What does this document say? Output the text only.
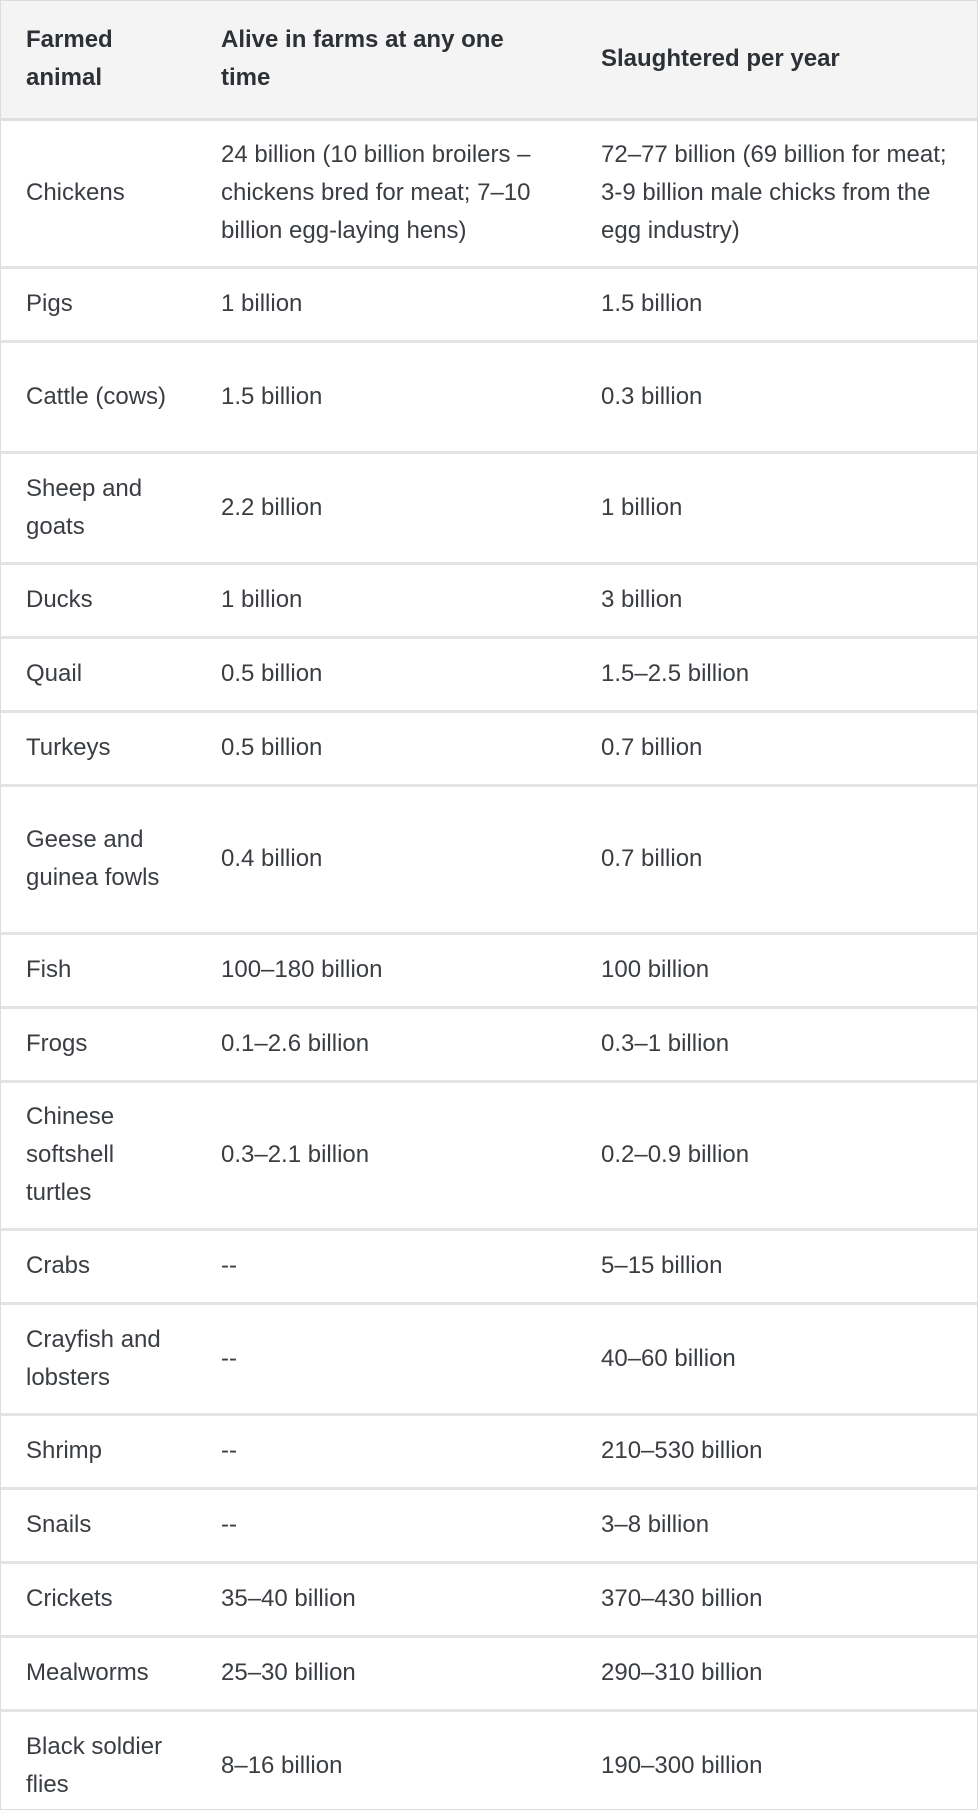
Farmed animal	Alive in farms at any one time	Slaughtered per year
Chickens	24 billion (10 billion broilers – chickens bred for meat; 7–10 billion egg-laying hens)	72–77 billion (69 billion for meat; 3-9 billion male chicks from the egg industry)
Pigs	1 billion	1.5 billion
Cattle (cows)	1.5 billion	0.3 billion
Sheep and goats	2.2 billion	1 billion
Ducks	1 billion	3 billion
Quail	0.5 billion	1.5–2.5 billion
Turkeys	0.5 billion	0.7 billion
Geese and guinea fowls	0.4 billion	0.7 billion
Fish	100–180 billion	100 billion
Frogs	0.1–2.6 billion	0.3–1 billion
Chinese softshell turtles	0.3–2.1 billion	0.2–0.9 billion
Crabs	--	5–15 billion
Crayfish and lobsters	--	40–60 billion
Shrimp	--	210–530 billion
Snails	--	3–8 billion
Crickets	35–40 billion	370–430 billion
Mealworms	25–30 billion	290–310 billion
Black soldier flies	8–16 billion	190–300 billion
